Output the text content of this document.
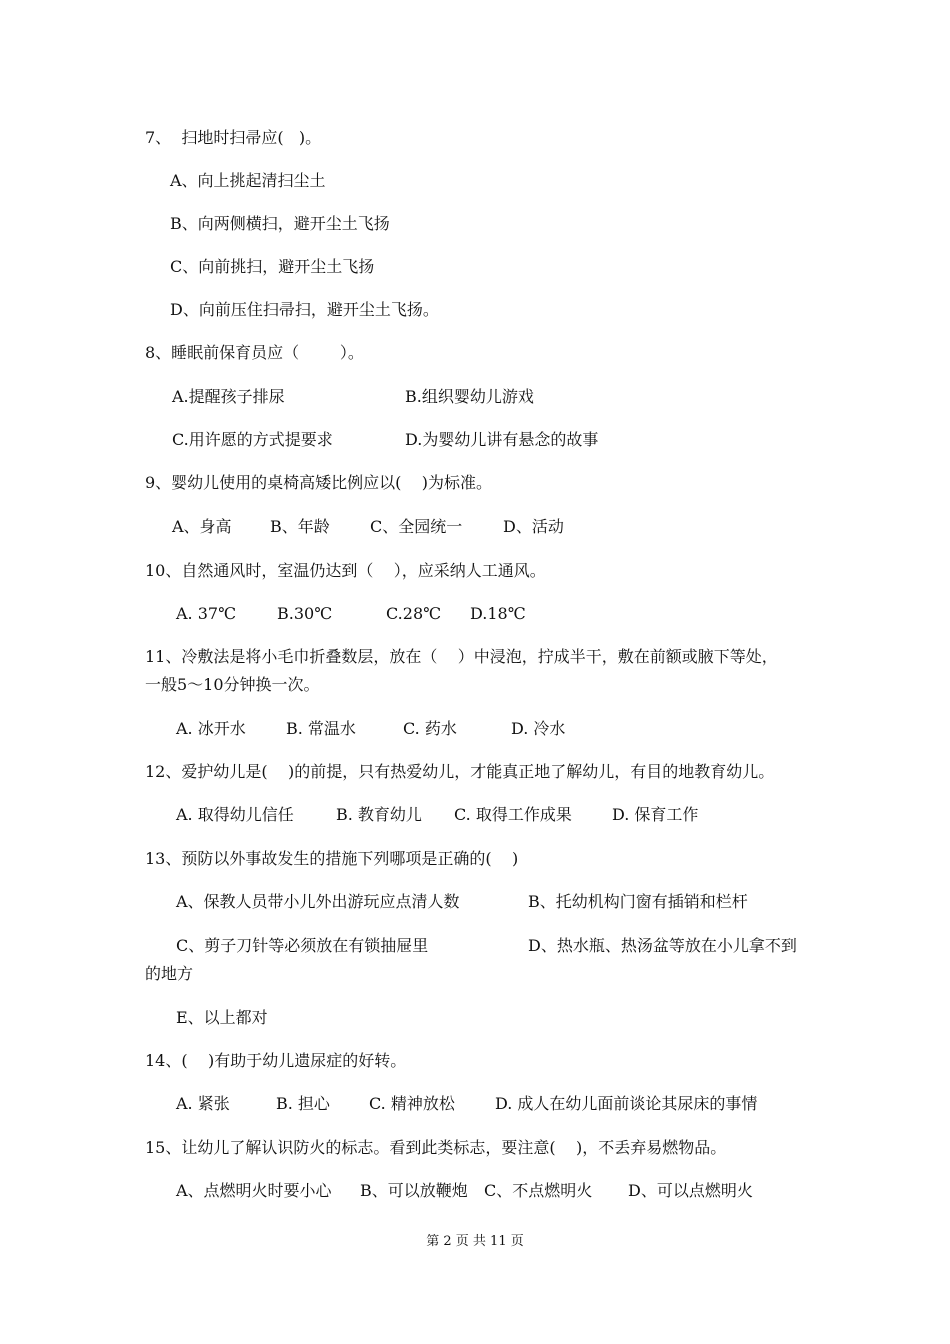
7、  扫地时扫帚应(   )。
A、向上挑起清扫尘土
B、向两侧横扫，避开尘土飞扬
C、向前挑扫，避开尘土飞扬
D、向前压住扫帚扫，避开尘土飞扬。
8、睡眠前保育员应（        ）。
A.提醒孩子排尿	B.组织婴幼儿游戏
C.用许愿的方式提要求	D.为婴幼儿讲有悬念的故事
9、婴幼儿使用的桌椅高矮比例应以(    )为标准。
A、身高 B、年龄	C、全园统一	D、活动
10、自然通风时，室温仍达到（    ），应采纳人工通风。
A. 37℃	B.30℃	C.28℃ D.18℃
11、冷敷法是将小毛巾折叠数层，放在（    ）中浸泡，拧成半干，敷在前额或腋下等处，
一般5～10分钟换一次。
A. 冰开水	B. 常温水	C. 药水	D. 冷水
12、爱护幼儿是(    )的前提，只有热爱幼儿，才能真正地了解幼儿，有目的地教育幼儿。
A. 取得幼儿信任	B. 教育幼儿 C. 取得工作成果	D. 保育工作
13、预防以外事故发生的措施下列哪项是正确的(    )
A、保教人员带小儿外出游玩应点清人数	B、托幼机构门窗有插销和栏杆
C、剪子刀针等必须放在有锁抽屉里	D、热水瓶、热汤盆等放在小儿拿不到
的地方
E、以上都对
14、(    )有助于幼儿遗尿症的好转。
A. 紧张	B. 担心 C. 精神放松	D. 成人在幼儿面前谈论其尿床的事情
15、让幼儿了解认识防火的标志。看到此类标志，要注意(    )，不丢弃易燃物品。
A、点燃明火时要小心 B、可以放鞭炮 C、不点燃明火 D、可以点燃明火
第 2 页 共 11 页
